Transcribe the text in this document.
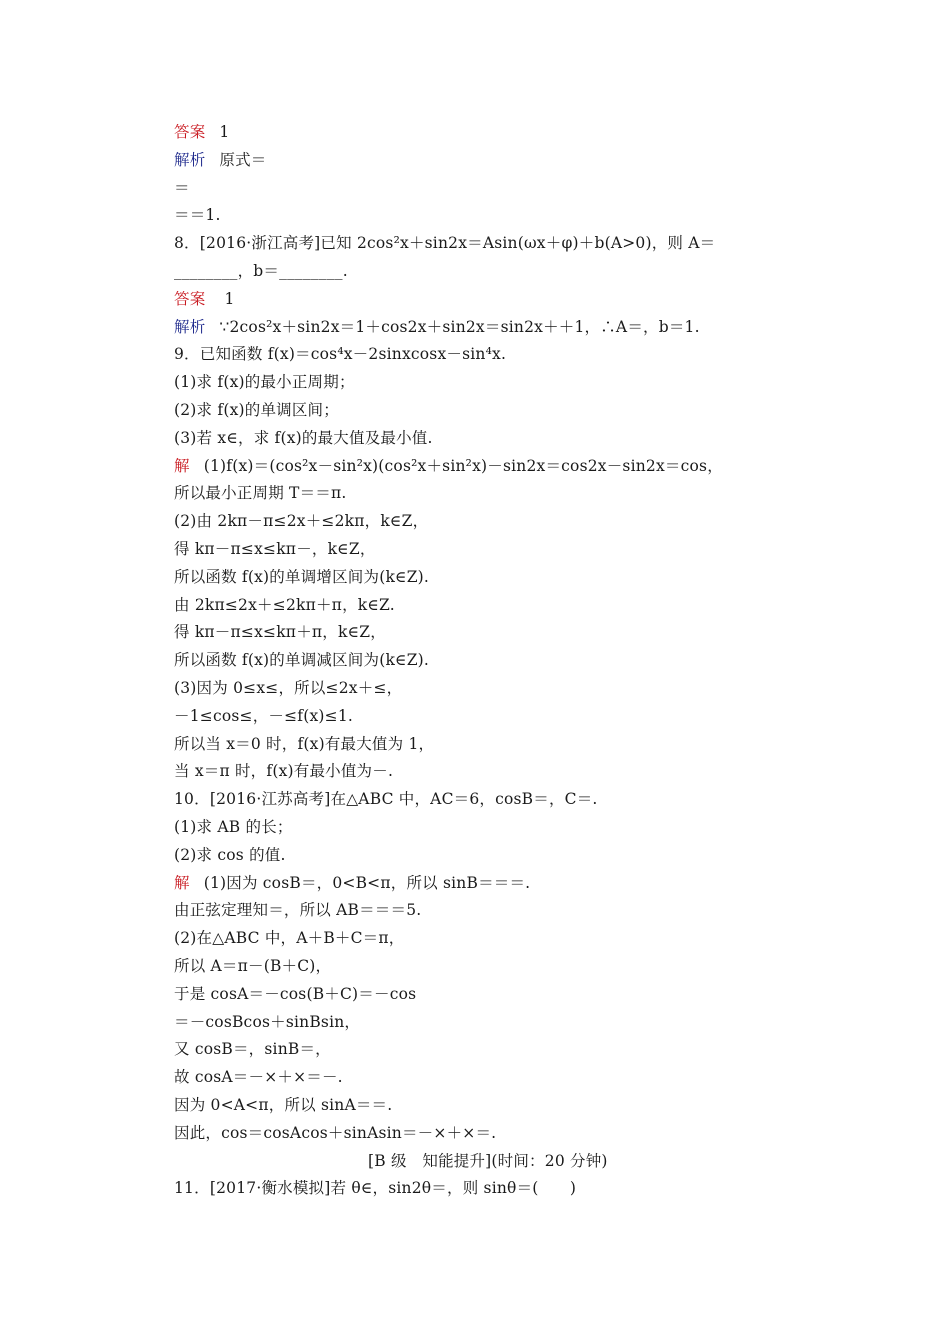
答案 1
解析 原式＝
＝
＝＝1.
8．[2016·浙江高考]已知 2cos²x＋sin2x＝Asin(ωx＋φ)＋b(A>0)，则 A＝
________，b＝________.
答案 1
解析 ∵2cos²x＋sin2x＝1＋cos2x＋sin2x＝sin2x＋＋1，∴A＝，b＝1.
9．已知函数 f(x)＝cos⁴x－2sinxcosx－sin⁴x.
(1)求 f(x)的最小正周期；
(2)求 f(x)的单调区间；
(3)若 x∈，求 f(x)的最大值及最小值.
解 (1)f(x)＝(cos²x－sin²x)(cos²x＋sin²x)－sin2x＝cos2x－sin2x＝cos，
所以最小正周期 T＝＝π.
(2)由 2kπ－π≤2x＋≤2kπ，k∈Z，
得 kπ－π≤x≤kπ－，k∈Z，
所以函数 f(x)的单调增区间为(k∈Z).
由 2kπ≤2x＋≤2kπ＋π，k∈Z.
得 kπ－π≤x≤kπ＋π，k∈Z，
所以函数 f(x)的单调减区间为(k∈Z).
(3)因为 0≤x≤，所以≤2x＋≤，
－1≤cos≤，－≤f(x)≤1.
所以当 x＝0 时，f(x)有最大值为 1，
当 x＝π 时，f(x)有最小值为－.
10．[2016·江苏高考]在△ABC 中，AC＝6，cosB＝，C＝.
(1)求 AB 的长；
(2)求 cos 的值.
解 (1)因为 cosB＝，0<B<π，所以 sinB＝＝＝.
由正弦定理知＝，所以 AB＝＝＝5.
(2)在△ABC 中，A＋B＋C＝π，
所以 A＝π－(B＋C)，
于是 cosA＝－cos(B＋C)＝－cos
＝－cosBcos＋sinBsin，
又 cosB＝，sinB＝，
故 cosA＝－×＋×＝－.
因为 0<A<π，所以 sinA＝＝.
因此，cos＝cosAcos＋sinAsin＝－×＋×＝.
[B 级　知能提升](时间：20 分钟)
11．[2017·衡水模拟]若 θ∈，sin2θ＝，则 sinθ＝(　　)
